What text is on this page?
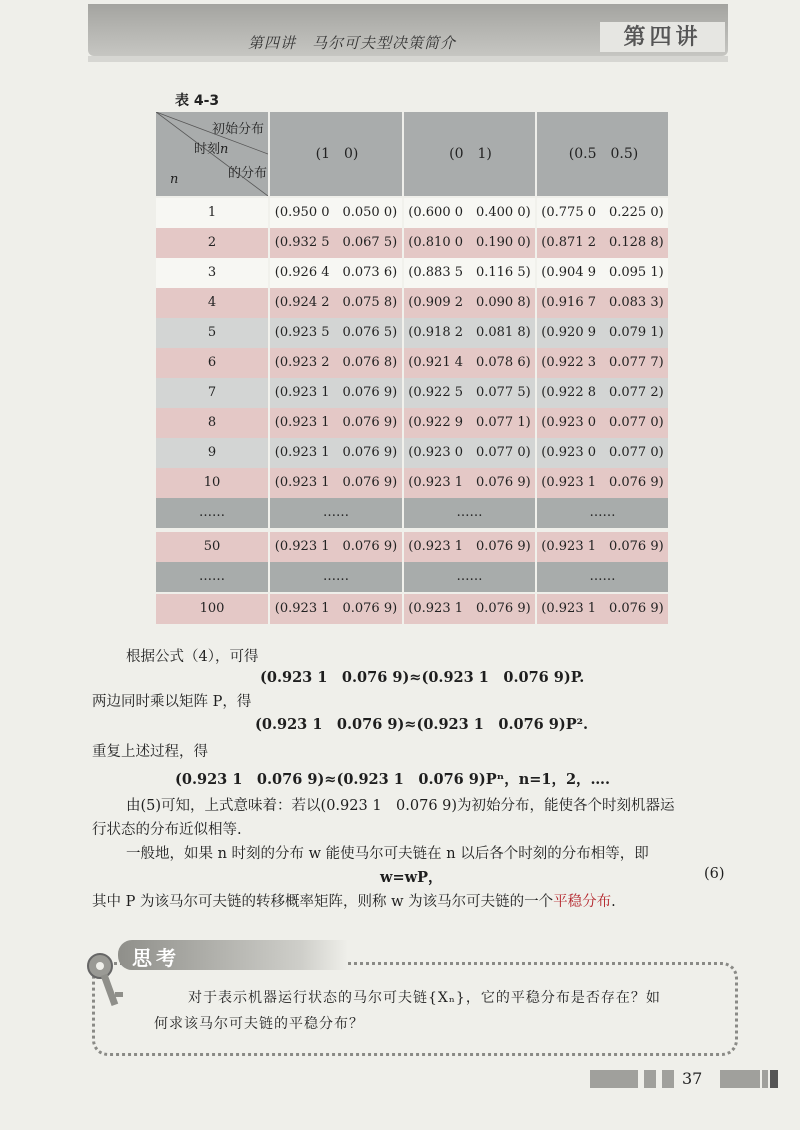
第四讲　马尔可夫型决策简介	第四讲
表 4-3
初始分布
时刻n
的分布
n
(1　0)	(0　1)	(0.5　0.5)
1	(0.950 0　0.050 0) (0.600 0　0.400 0) (0.775 0　0.225 0)
2	(0.932 5　0.067 5) (0.810 0　0.190 0) (0.871 2　0.128 8)
3	(0.926 4　0.073 6) (0.883 5　0.116 5) (0.904 9　0.095 1)
4	(0.924 2　0.075 8) (0.909 2　0.090 8) (0.916 7　0.083 3)
5	(0.923 5　0.076 5) (0.918 2　0.081 8) (0.920 9　0.079 1)
6	(0.923 2　0.076 8) (0.921 4　0.078 6) (0.922 3　0.077 7)
7	(0.923 1　0.076 9) (0.922 5　0.077 5) (0.922 8　0.077 2)
8	(0.923 1　0.076 9) (0.922 9　0.077 1) (0.923 0　0.077 0)
9	(0.923 1　0.076 9) (0.923 0　0.077 0) (0.923 0　0.077 0)
10	(0.923 1　0.076 9) (0.923 1　0.076 9) (0.923 1　0.076 9)
……	……	……	……
50	(0.923 1　0.076 9) (0.923 1　0.076 9) (0.923 1　0.076 9)
……	……	……	……
100	(0.923 1　0.076 9) (0.923 1　0.076 9) (0.923 1　0.076 9)
根据公式（4），可得
(0.923 1　0.076 9)≈(0.923 1　0.076 9)P.
两边同时乘以矩阵 P，得
(0.923 1　0.076 9)≈(0.923 1　0.076 9)P².
重复上述过程，得
(0.923 1　0.076 9)≈(0.923 1　0.076 9)Pⁿ，n=1，2，….
由(5)可知，上式意味着：若以(0.923 1　0.076 9)为初始分布，能使各个时刻机器运
行状态的分布近似相等.
一般地，如果 n 时刻的分布 w 能使马尔可夫链在 n 以后各个时刻的分布相等，即
w=wP，	(6)
其中 P 为该马尔可夫链的转移概率矩阵，则称 w 为该马尔可夫链的一个平稳分布.
思考
对于表示机器运行状态的马尔可夫链{Xₙ}，它的平稳分布是否存在？如
何求该马尔可夫链的平稳分布？
37
